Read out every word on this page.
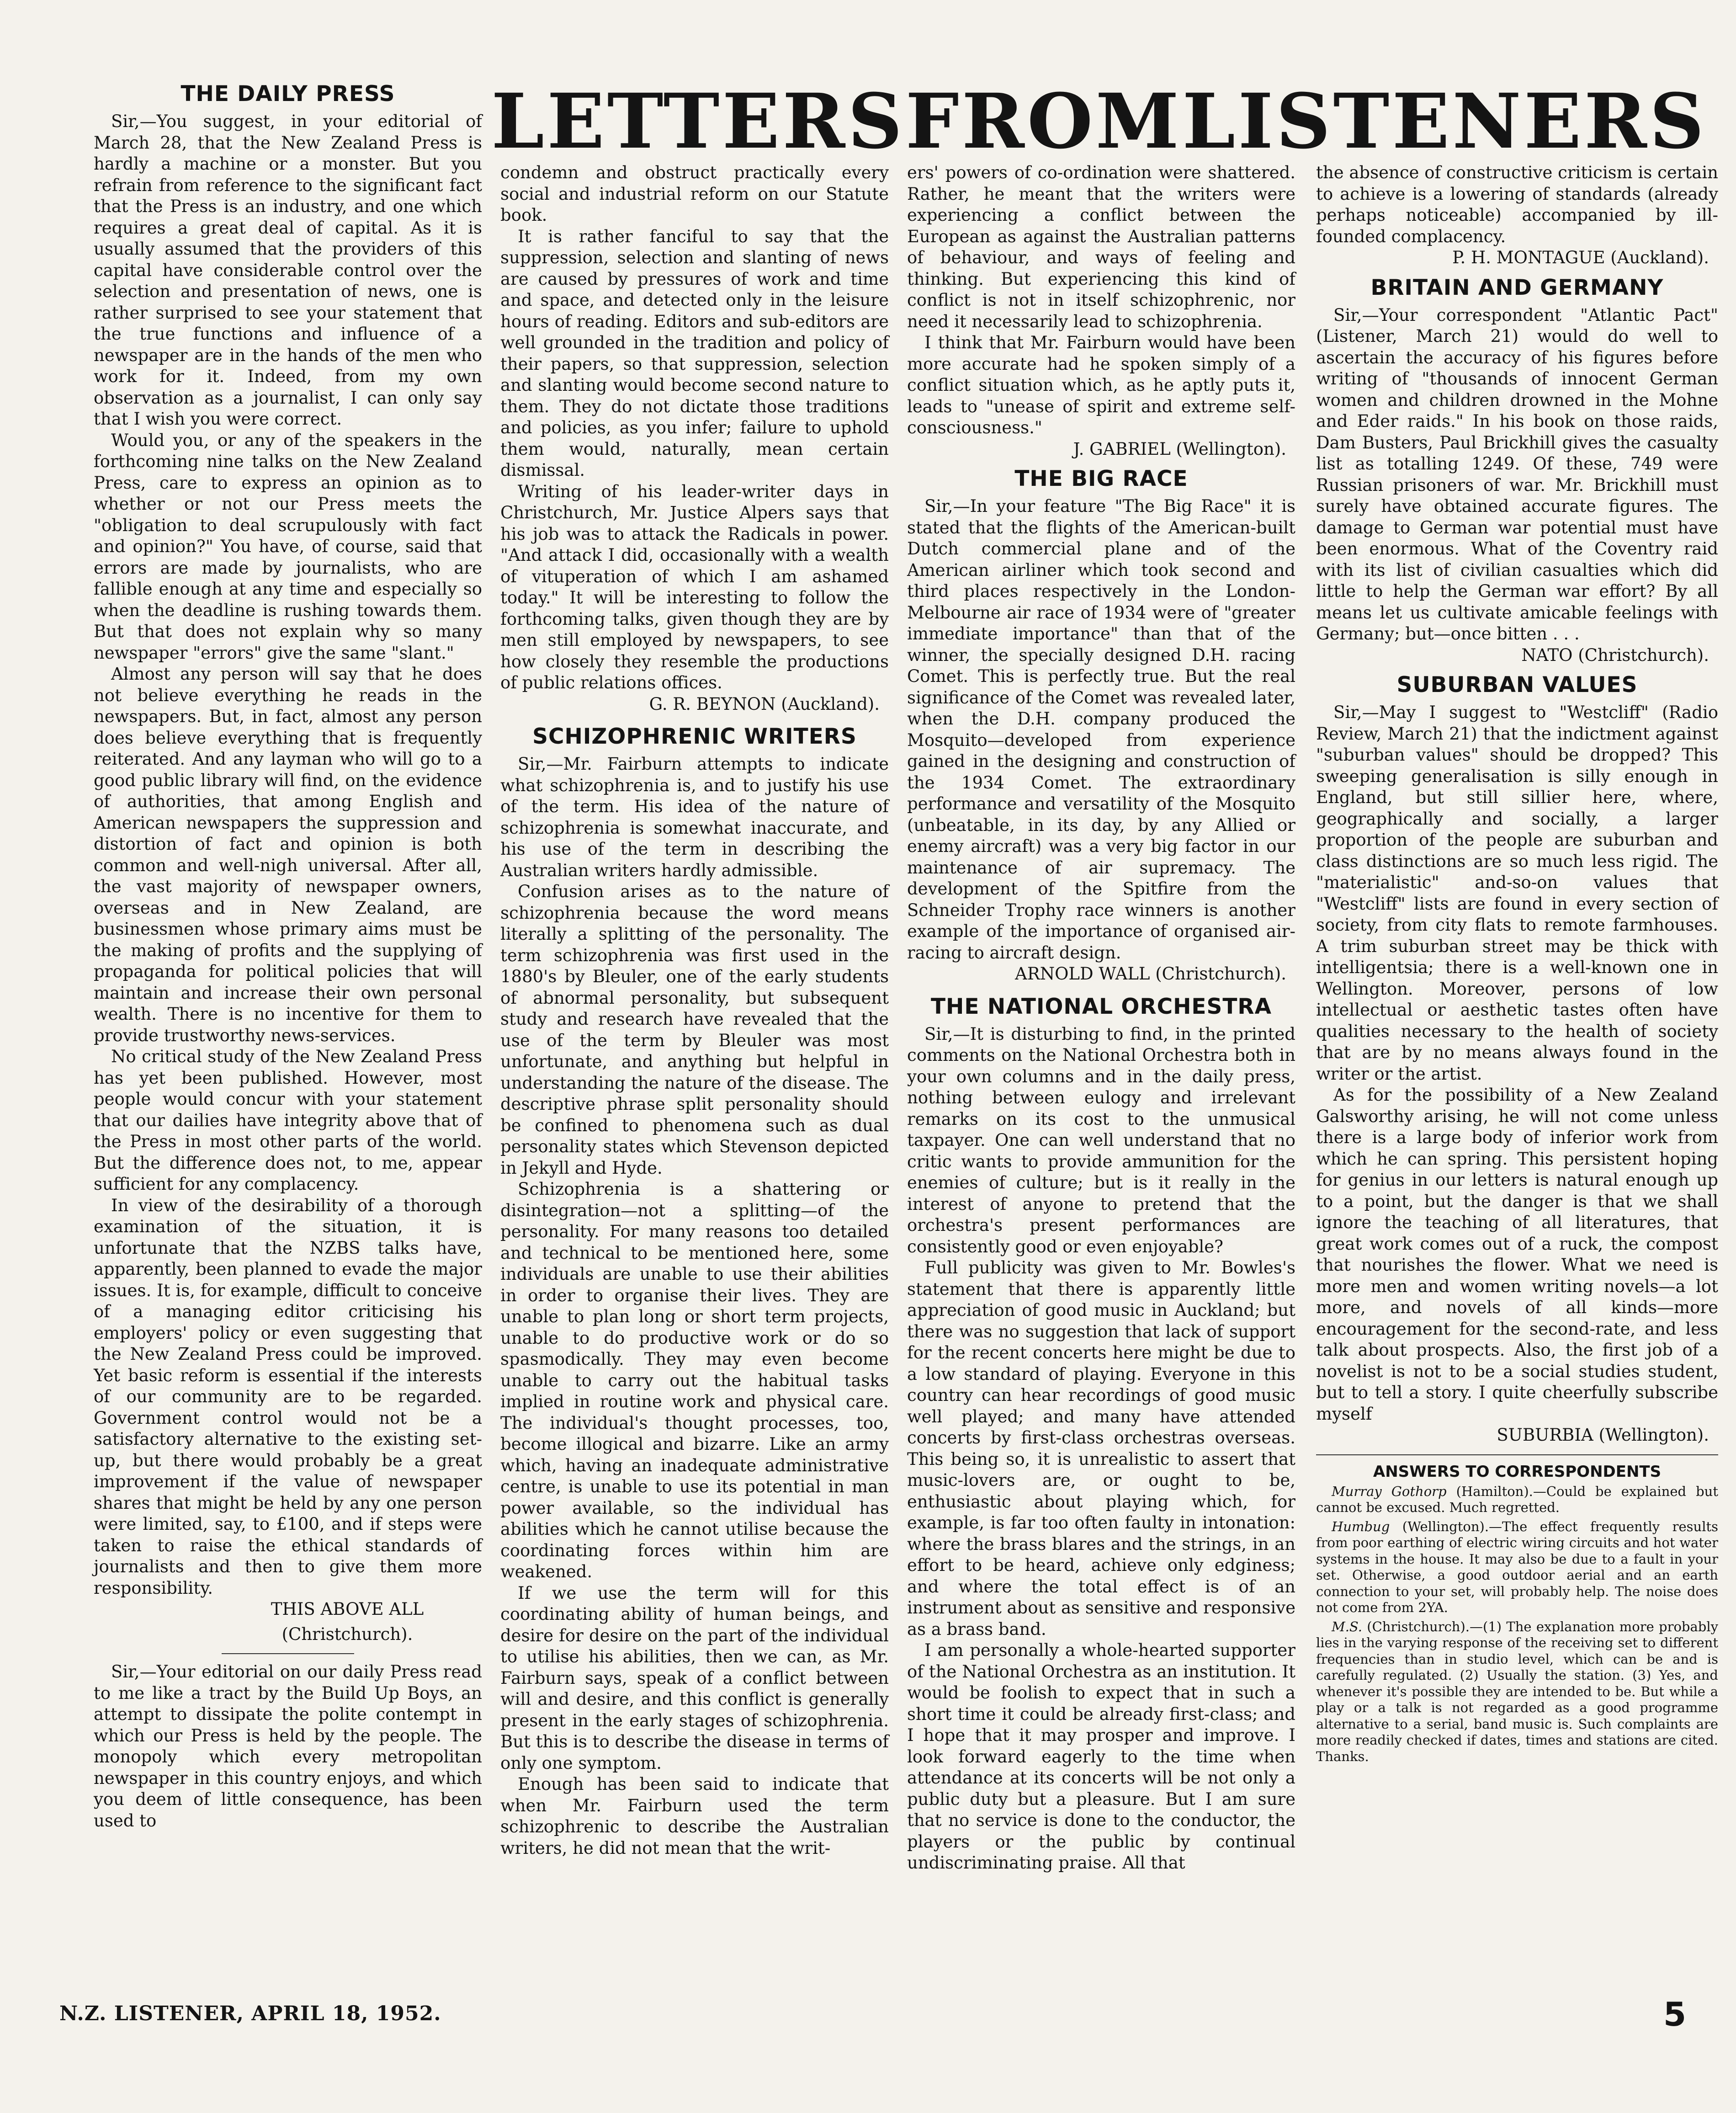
LETTERS FROM LISTENERS
THE DAILY PRESS

Sir,—You suggest, in your editorial of March 28, that the New Zealand Press is hardly a machine or a monster. But you refrain from reference to the significant fact that the Press is an industry, and one which requires a great deal of capital. As it is usually assumed that the providers of this capital have considerable control over the selection and presentation of news, one is rather surprised to see your statement that the true functions and influence of a newspaper are in the hands of the men who work for it. Indeed, from my own observation as a journalist, I can only say that I wish you were correct.

Would you, or any of the speakers in the forthcoming nine talks on the New Zealand Press, care to express an opinion as to whether or not our Press meets the "obligation to deal scrupulously with fact and opinion?" You have, of course, said that errors are made by journalists, who are fallible enough at any time and especially so when the deadline is rushing towards them. But that does not explain why so many newspaper "errors" give the same "slant."

Almost any person will say that he does not believe everything he reads in the newspapers. But, in fact, almost any person does believe everything that is frequently reiterated. And any layman who will go to a good public library will find, on the evidence of authorities, that among English and American newspapers the suppression and distortion of fact and opinion is both common and well-nigh universal. After all, the vast majority of newspaper owners, overseas and in New Zealand, are businessmen whose primary aims must be the making of profits and the supplying of propaganda for political policies that will maintain and increase their own personal wealth. There is no incentive for them to provide trustworthy news-services.

No critical study of the New Zealand Press has yet been published. However, most people would concur with your statement that our dailies have integrity above that of the Press in most other parts of the world. But the difference does not, to me, appear sufficient for any complacency.

In view of the desirability of a thorough examination of the situation, it is unfortunate that the NZBS talks have, apparently, been planned to evade the major issues. It is, for example, difficult to conceive of a managing editor criticising his employers' policy or even suggesting that the New Zealand Press could be improved. Yet basic reform is essential if the interests of our community are to be regarded. Government control would not be a satisfactory alternative to the existing set-up, but there would probably be a great improvement if the value of newspaper shares that might be held by any one person were limited, say, to £100, and if steps were taken to raise the ethical standards of journalists and then to give them more responsibility.

THIS ABOVE ALL
(Christchurch).

Sir,—Your editorial on our daily Press read to me like a tract by the Build Up Boys, an attempt to dissipate the polite contempt in which our Press is held by the people. The monopoly which every metropolitan newspaper in this country enjoys, and which you deem of little consequence, has been used to

condemn and obstruct practically every social and industrial reform on our Statute book.

It is rather fanciful to say that the suppression, selection and slanting of news are caused by pressures of work and time and space, and detected only in the leisure hours of reading. Editors and sub-editors are well grounded in the tradition and policy of their papers, so that suppression, selection and slanting would become second nature to them. They do not dictate those traditions and policies, as you infer; failure to uphold them would, naturally, mean certain dismissal.

Writing of his leader-writer days in Christchurch, Mr. Justice Alpers says that his job was to attack the Radicals in power. "And attack I did, occasionally with a wealth of vituperation of which I am ashamed today." It will be interesting to follow the forthcoming talks, given though they are by men still employed by newspapers, to see how closely they resemble the productions of public relations offices.

G. R. BEYNON (Auckland).
SCHIZOPHRENIC WRITERS

Sir,—Mr. Fairburn attempts to indicate what schizophrenia is, and to justify his use of the term. His idea of the nature of schizophrenia is somewhat inaccurate, and his use of the term in describing the Australian writers hardly admissible.

Confusion arises as to the nature of schizophrenia because the word means literally a splitting of the personality. The term schizophrenia was first used in the 1880's by Bleuler, one of the early students of abnormal personality, but subsequent study and research have revealed that the use of the term by Bleuler was most unfortunate, and anything but helpful in understanding the nature of the disease. The descriptive phrase split personality should be confined to phenomena such as dual personality states which Stevenson depicted in Jekyll and Hyde.

Schizophrenia is a shattering or disintegration—not a splitting—of the personality. For many reasons too detailed and technical to be mentioned here, some individuals are unable to use their abilities in order to organise their lives. They are unable to plan long or short term projects, unable to do productive work or do so spasmodically. They may even become unable to carry out the habitual tasks implied in routine work and physical care. The individual's thought processes, too, become illogical and bizarre. Like an army which, having an inadequate administrative centre, is unable to use its potential in man power available, so the individual has abilities which he cannot utilise because the coordinating forces within him are weakened.

If we use the term will for this coordinating ability of human beings, and desire for desire on the part of the individual to utilise his abilities, then we can, as Mr. Fairburn says, speak of a conflict between will and desire, and this conflict is generally present in the early stages of schizophrenia. But this is to describe the disease in terms of only one symptom.

Enough has been said to indicate that when Mr. Fairburn used the term schizophrenic to describe the Australian writers, he did not mean that the writ-

ers' powers of co-ordination were shattered. Rather, he meant that the writers were experiencing a conflict between the European as against the Australian patterns of behaviour, and ways of feeling and thinking. But experiencing this kind of conflict is not in itself schizophrenic, nor need it necessarily lead to schizophrenia.

I think that Mr. Fairburn would have been more accurate had he spoken simply of a conflict situation which, as he aptly puts it, leads to "unease of spirit and extreme self-consciousness."

J. GABRIEL (Wellington).
THE BIG RACE

Sir,—In your feature "The Big Race" it is stated that the flights of the American-built Dutch commercial plane and of the American airliner which took second and third places respectively in the London-Melbourne air race of 1934 were of "greater immediate importance" than that of the winner, the specially designed D.H. racing Comet. This is perfectly true. But the real significance of the Comet was revealed later, when the D.H. company produced the Mosquito—developed from experience gained in the designing and construction of the 1934 Comet. The extraordinary performance and versatility of the Mosquito (unbeatable, in its day, by any Allied or enemy aircraft) was a very big factor in our maintenance of air supremacy. The development of the Spitfire from the Schneider Trophy race winners is another example of the importance of organised air-racing to aircraft design.

ARNOLD WALL (Christchurch).
THE NATIONAL ORCHESTRA

Sir,—It is disturbing to find, in the printed comments on the National Orchestra both in your own columns and in the daily press, nothing between eulogy and irrelevant remarks on its cost to the unmusical taxpayer. One can well understand that no critic wants to provide ammunition for the enemies of culture; but is it really in the interest of anyone to pretend that the orchestra's present performances are consistently good or even enjoyable?

Full publicity was given to Mr. Bowles's statement that there is apparently little appreciation of good music in Auckland; but there was no suggestion that lack of support for the recent concerts here might be due to a low standard of playing. Everyone in this country can hear recordings of good music well played; and many have attended concerts by first-class orchestras overseas. This being so, it is unrealistic to assert that music-lovers are, or ought to be, enthusiastic about playing which, for example, is far too often faulty in intonation: where the brass blares and the strings, in an effort to be heard, achieve only edginess; and where the total effect is of an instrument about as sensitive and responsive as a brass band.

I am personally a whole-hearted supporter of the National Orchestra as an institution. It would be foolish to expect that in such a short time it could be already first-class; and I hope that it may prosper and improve. I look forward eagerly to the time when attendance at its concerts will be not only a public duty but a pleasure. But I am sure that no service is done to the conductor, the players or the public by continual undiscriminating praise. All that

the absence of constructive criticism is certain to achieve is a lowering of standards (already perhaps noticeable) accompanied by ill-founded complacency.

P. H. MONTAGUE (Auckland).
BRITAIN AND GERMANY

Sir,—Your correspondent "Atlantic Pact" (Listener, March 21) would do well to ascertain the accuracy of his figures before writing of "thousands of innocent German women and children drowned in the Mohne and Eder raids." In his book on those raids, Dam Busters, Paul Brickhill gives the casualty list as totalling 1249. Of these, 749 were Russian prisoners of war. Mr. Brickhill must surely have obtained accurate figures. The damage to German war potential must have been enormous. What of the Coventry raid with its list of civilian casualties which did little to help the German war effort? By all means let us cultivate amicable feelings with Germany; but—once bitten . . .

NATO (Christchurch).
SUBURBAN VALUES

Sir,—May I suggest to "Westcliff" (Radio Review, March 21) that the indictment against "suburban values" should be dropped? This sweeping generalisation is silly enough in England, but still sillier here, where, geographically and socially, a larger proportion of the people are suburban and class distinctions are so much less rigid. The "materialistic" and-so-on values that "Westcliff" lists are found in every section of society, from city flats to remote farmhouses. A trim suburban street may be thick with intelligentsia; there is a well-known one in Wellington. Moreover, persons of low intellectual or aesthetic tastes often have qualities necessary to the health of society that are by no means always found in the writer or the artist.

As for the possibility of a New Zealand Galsworthy arising, he will not come unless there is a large body of inferior work from which he can spring. This persistent hoping for genius in our letters is natural enough up to a point, but the danger is that we shall ignore the teaching of all literatures, that great work comes out of a ruck, the compost that nourishes the flower. What we need is more men and women writing novels—a lot more, and novels of all kinds—more encouragement for the second-rate, and less talk about prospects. Also, the first job of a novelist is not to be a social studies student, but to tell a story. I quite cheerfully subscribe myself

SUBURBIA (Wellington).
ANSWERS TO CORRESPONDENTS

Murray Gothorp (Hamilton).—Could be explained but cannot be excused. Much regretted.

Humbug (Wellington).—The effect frequently results from poor earthing of electric wiring circuits and hot water systems in the house. It may also be due to a fault in your set. Otherwise, a good outdoor aerial and an earth connection to your set, will probably help. The noise does not come from 2YA.

M.S. (Christchurch).—(1) The explanation more probably lies in the varying response of the receiving set to different frequencies than in studio level, which can be and is carefully regulated. (2) Usually the station. (3) Yes, and whenever it's possible they are intended to be. But while a play or a talk is not regarded as a good programme alternative to a serial, band music is. Such complaints are more readily checked if dates, times and stations are cited. Thanks.

N.Z. LISTENER, APRIL 18, 1952.	5
